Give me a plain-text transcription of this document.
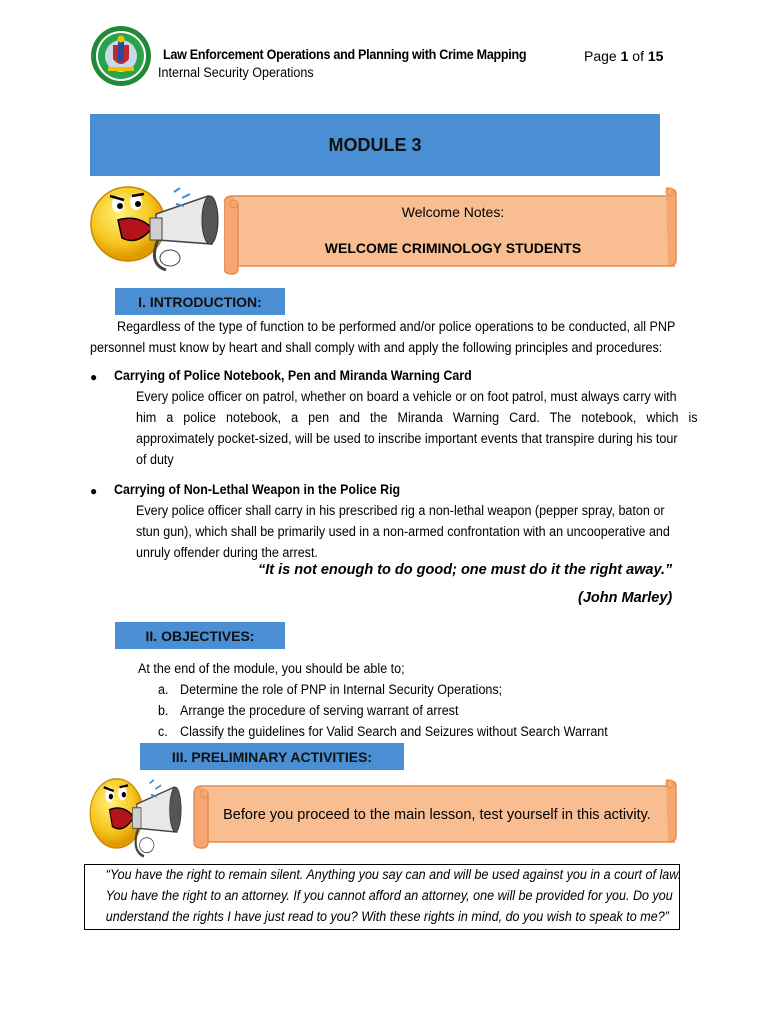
Law Enforcement Operations and Planning with Crime Mapping
Internal Security Operations
Page 1 of 15
MODULE 3
Welcome Notes:
WELCOME CRIMINOLOGY STUDENTS
I. INTRODUCTION:
Regardless of the type of function to be performed and/or police operations to be conducted, all PNP
personnel must know by heart and shall comply with and apply the following principles and procedures:
● Carrying of Police Notebook, Pen and Miranda Warning Card
Every police officer on patrol, whether on board a vehicle or on foot patrol, must always carry with
him a police notebook, a pen and the Miranda Warning Card. The notebook, which is
approximately pocket-sized, will be used to inscribe important events that transpire during his tour
of duty
● Carrying of Non-Lethal Weapon in the Police Rig
Every police officer shall carry in his prescribed rig a non-lethal weapon (pepper spray, baton or
stun gun), which shall be primarily used in a non-armed confrontation with an uncooperative and
unruly offender during the arrest.
“It is not enough to do good; one must do it the right away.”
(John Marley)
II. OBJECTIVES:
At the end of the module, you should be able to;
a. Determine the role of PNP in Internal Security Operations;
b. Arrange the procedure of serving warrant of arrest
c. Classify the guidelines for Valid Search and Seizures without Search Warrant
III. PRELIMINARY ACTIVITIES:
Before you proceed to the main lesson, test yourself in this activity.
“You have the right to remain silent. Anything you say can and will be used against you in a court of law.
You have the right to an attorney. If you cannot afford an attorney, one will be provided for you. Do you
understand the rights I have just read to you? With these rights in mind, do you wish to speak to me?”
